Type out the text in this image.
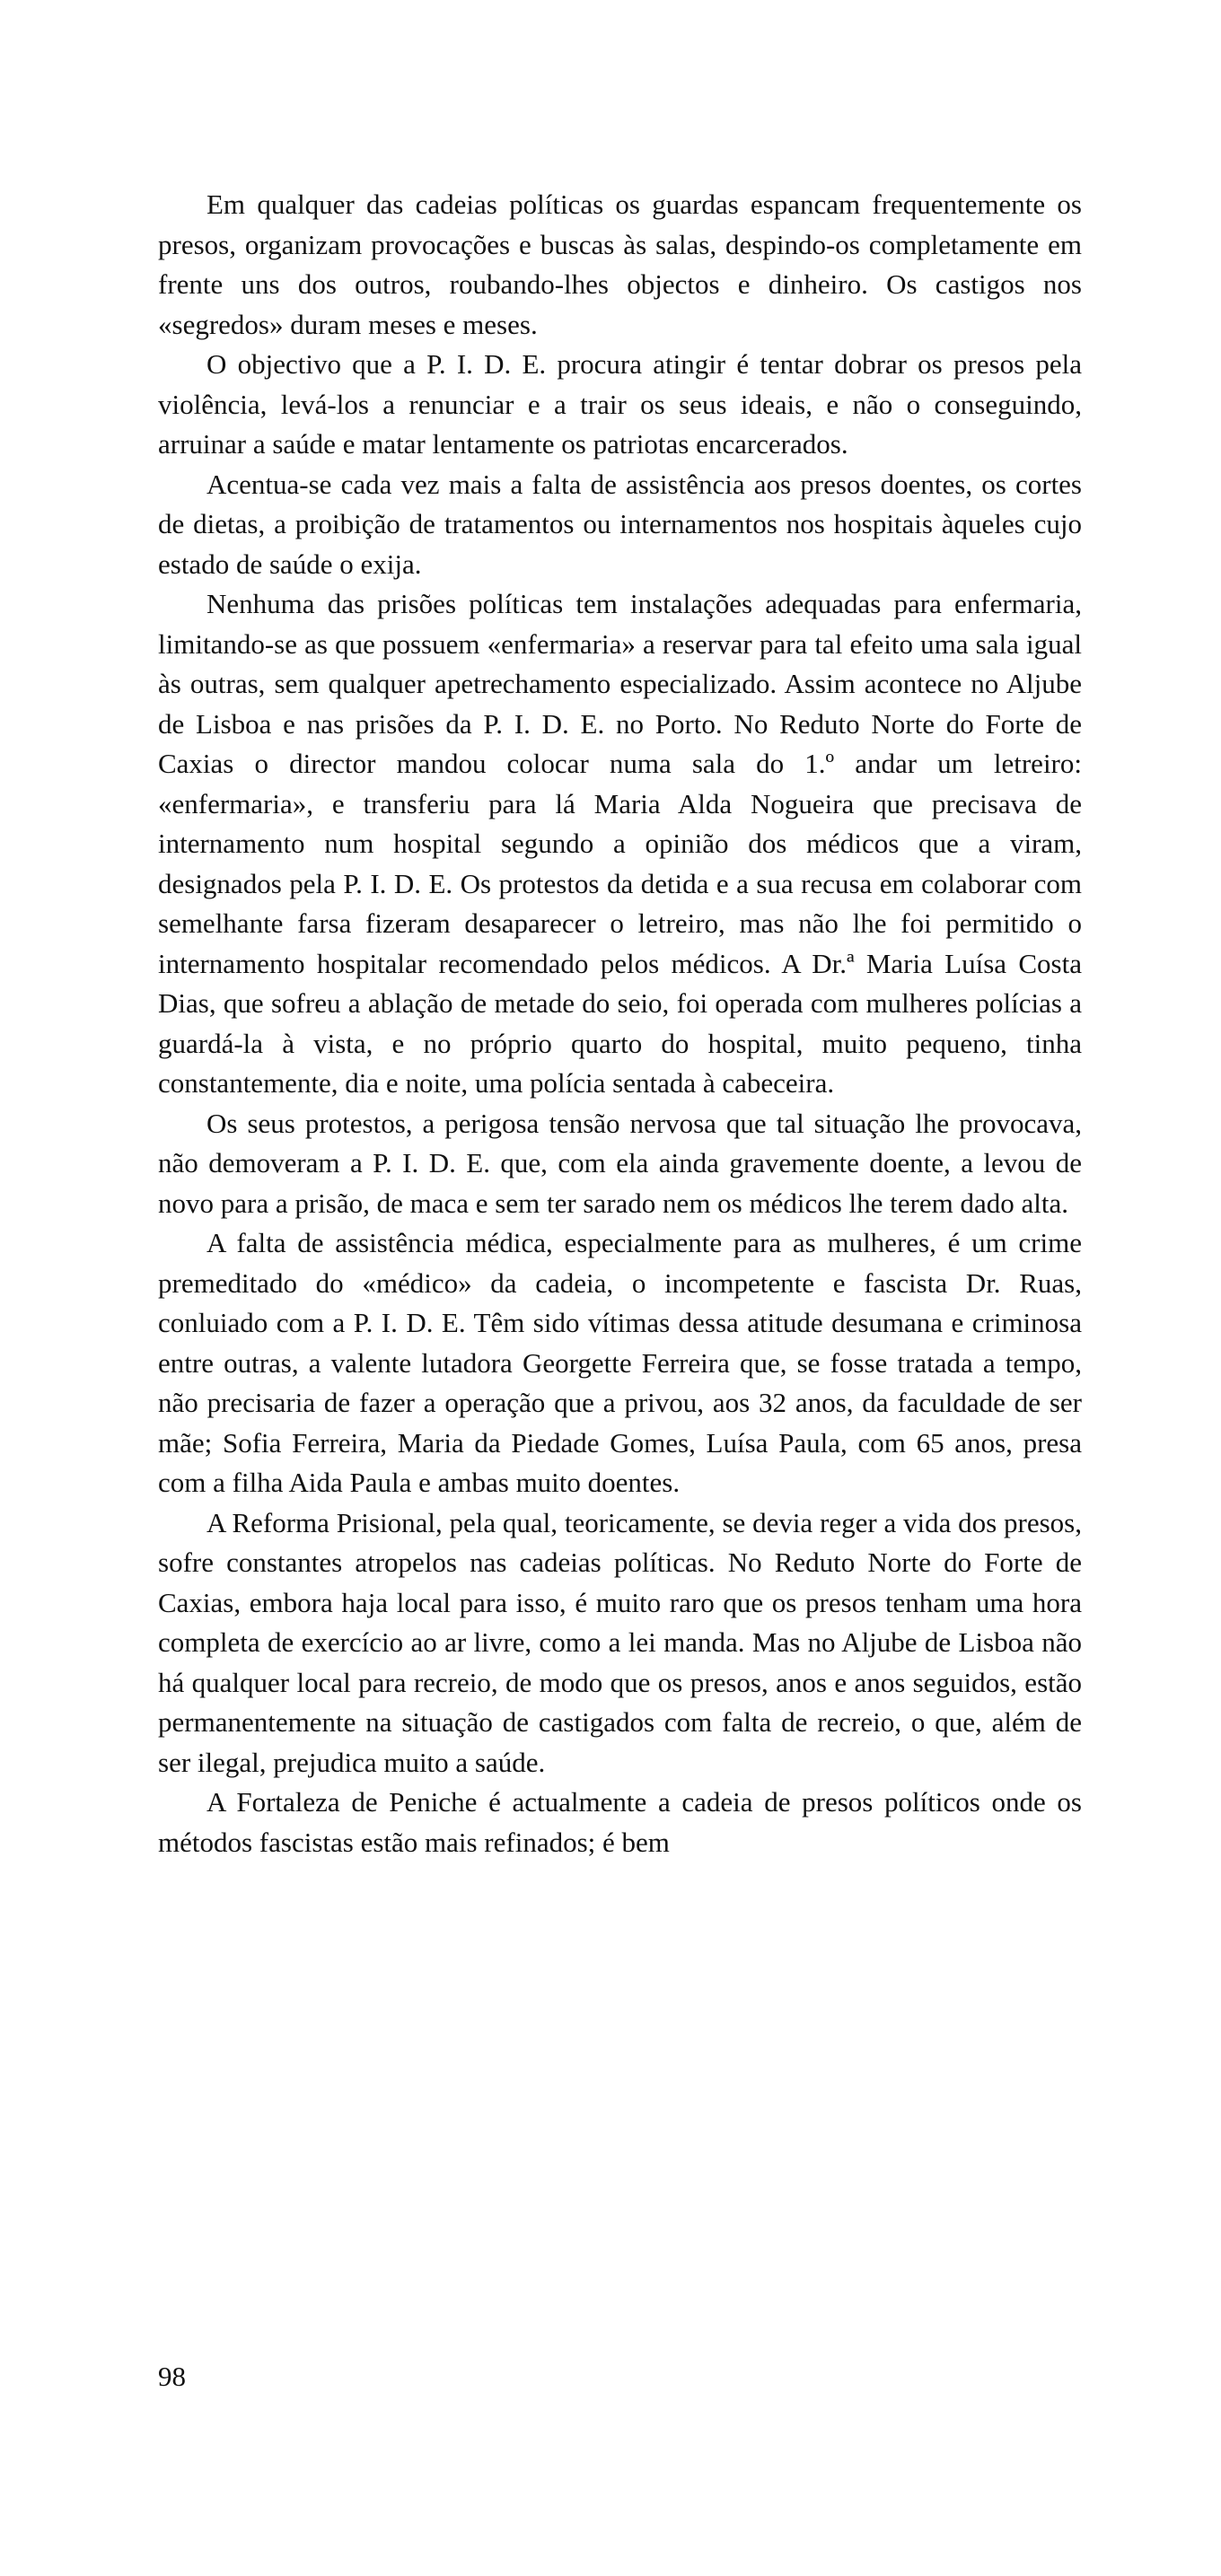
Em qualquer das cadeias políticas os guardas espancam frequentemente os presos, organizam provocações e buscas às salas, despindo-os completamente em frente uns dos outros, roubando-lhes objectos e dinheiro. Os castigos nos «segredos» duram meses e meses.

O objectivo que a P. I. D. E. procura atingir é tentar dobrar os presos pela violência, levá-los a renunciar e a trair os seus ideais, e não o conseguindo, arruinar a saúde e matar lentamente os patriotas encarcerados.

Acentua-se cada vez mais a falta de assistência aos presos doentes, os cortes de dietas, a proibição de tratamentos ou internamentos nos hospitais àqueles cujo estado de saúde o exija.

Nenhuma das prisões políticas tem instalações adequadas para enfermaria, limitando-se as que possuem «enfermaria» a reservar para tal efeito uma sala igual às outras, sem qualquer apetrechamento especializado. Assim acontece no Aljube de Lisboa e nas prisões da P. I. D. E. no Porto. No Reduto Norte do Forte de Caxias o director mandou colocar numa sala do 1.º andar um letreiro: «enfermaria», e transferiu para lá Maria Alda Nogueira que precisava de internamento num hospital segundo a opinião dos médicos que a viram, designados pela P. I. D. E. Os protestos da detida e a sua recusa em colaborar com semelhante farsa fizeram desaparecer o letreiro, mas não lhe foi permitido o internamento hospitalar recomendado pelos médicos. A Dr.ª Maria Luísa Costa Dias, que sofreu a ablação de metade do seio, foi operada com mulheres polícias a guardá-la à vista, e no próprio quarto do hospital, muito pequeno, tinha constantemente, dia e noite, uma polícia sentada à cabeceira.

Os seus protestos, a perigosa tensão nervosa que tal situação lhe provocava, não demoveram a P. I. D. E. que, com ela ainda gravemente doente, a levou de novo para a prisão, de maca e sem ter sarado nem os médicos lhe terem dado alta.

A falta de assistência médica, especialmente para as mulheres, é um crime premeditado do «médico» da cadeia, o incompetente e fascista Dr. Ruas, conluiado com a P. I. D. E. Têm sido vítimas dessa atitude desumana e criminosa entre outras, a valente lutadora Georgette Ferreira que, se fosse tratada a tempo, não precisaria de fazer a operação que a privou, aos 32 anos, da faculdade de ser mãe; Sofia Ferreira, Maria da Piedade Gomes, Luísa Paula, com 65 anos, presa com a filha Aida Paula e ambas muito doentes.

A Reforma Prisional, pela qual, teoricamente, se devia reger a vida dos presos, sofre constantes atropelos nas cadeias políticas. No Reduto Norte do Forte de Caxias, embora haja local para isso, é muito raro que os presos tenham uma hora completa de exercício ao ar livre, como a lei manda. Mas no Aljube de Lisboa não há qualquer local para recreio, de modo que os presos, anos e anos seguidos, estão permanentemente na situação de castigados com falta de recreio, o que, além de ser ilegal, prejudica muito a saúde.

A Fortaleza de Peniche é actualmente a cadeia de presos políticos onde os métodos fascistas estão mais refinados; é bem

98
